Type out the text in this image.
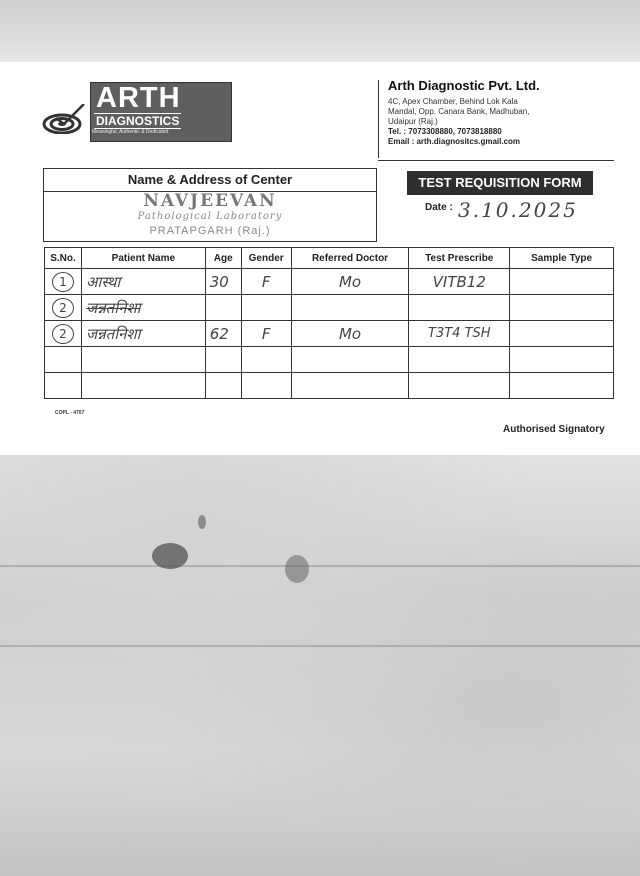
ARTH
DIAGNOSTICS
Meaningful, Authentic & Dedicated
Arth Diagnostic Pvt. Ltd.
4C, Apex Chamber, Behind Lok Kala
Mandal, Opp. Canara Bank, Madhuban,
Udaipur (Raj.)
Tel. : 7073308880, 7073818880
Email : arth.diagnositcs.gmail.com
Name & Address of Center
NAVJEEVAN
Pathological Laboratory
PRATAPGARH (Raj.)
TEST REQUISITION FORM
Date : 3.10.2025
S.No.	Patient Name	Age	Gender	Referred Doctor	Test Prescribe	Sample Type
1	आस्था	30	F	Mo	VITB12	
2	जन्नतनिशा					
2	जन्नतनिशा	62	F	Mo	T3T4 TSH	

COPL - 4707
Authorised Signatory
